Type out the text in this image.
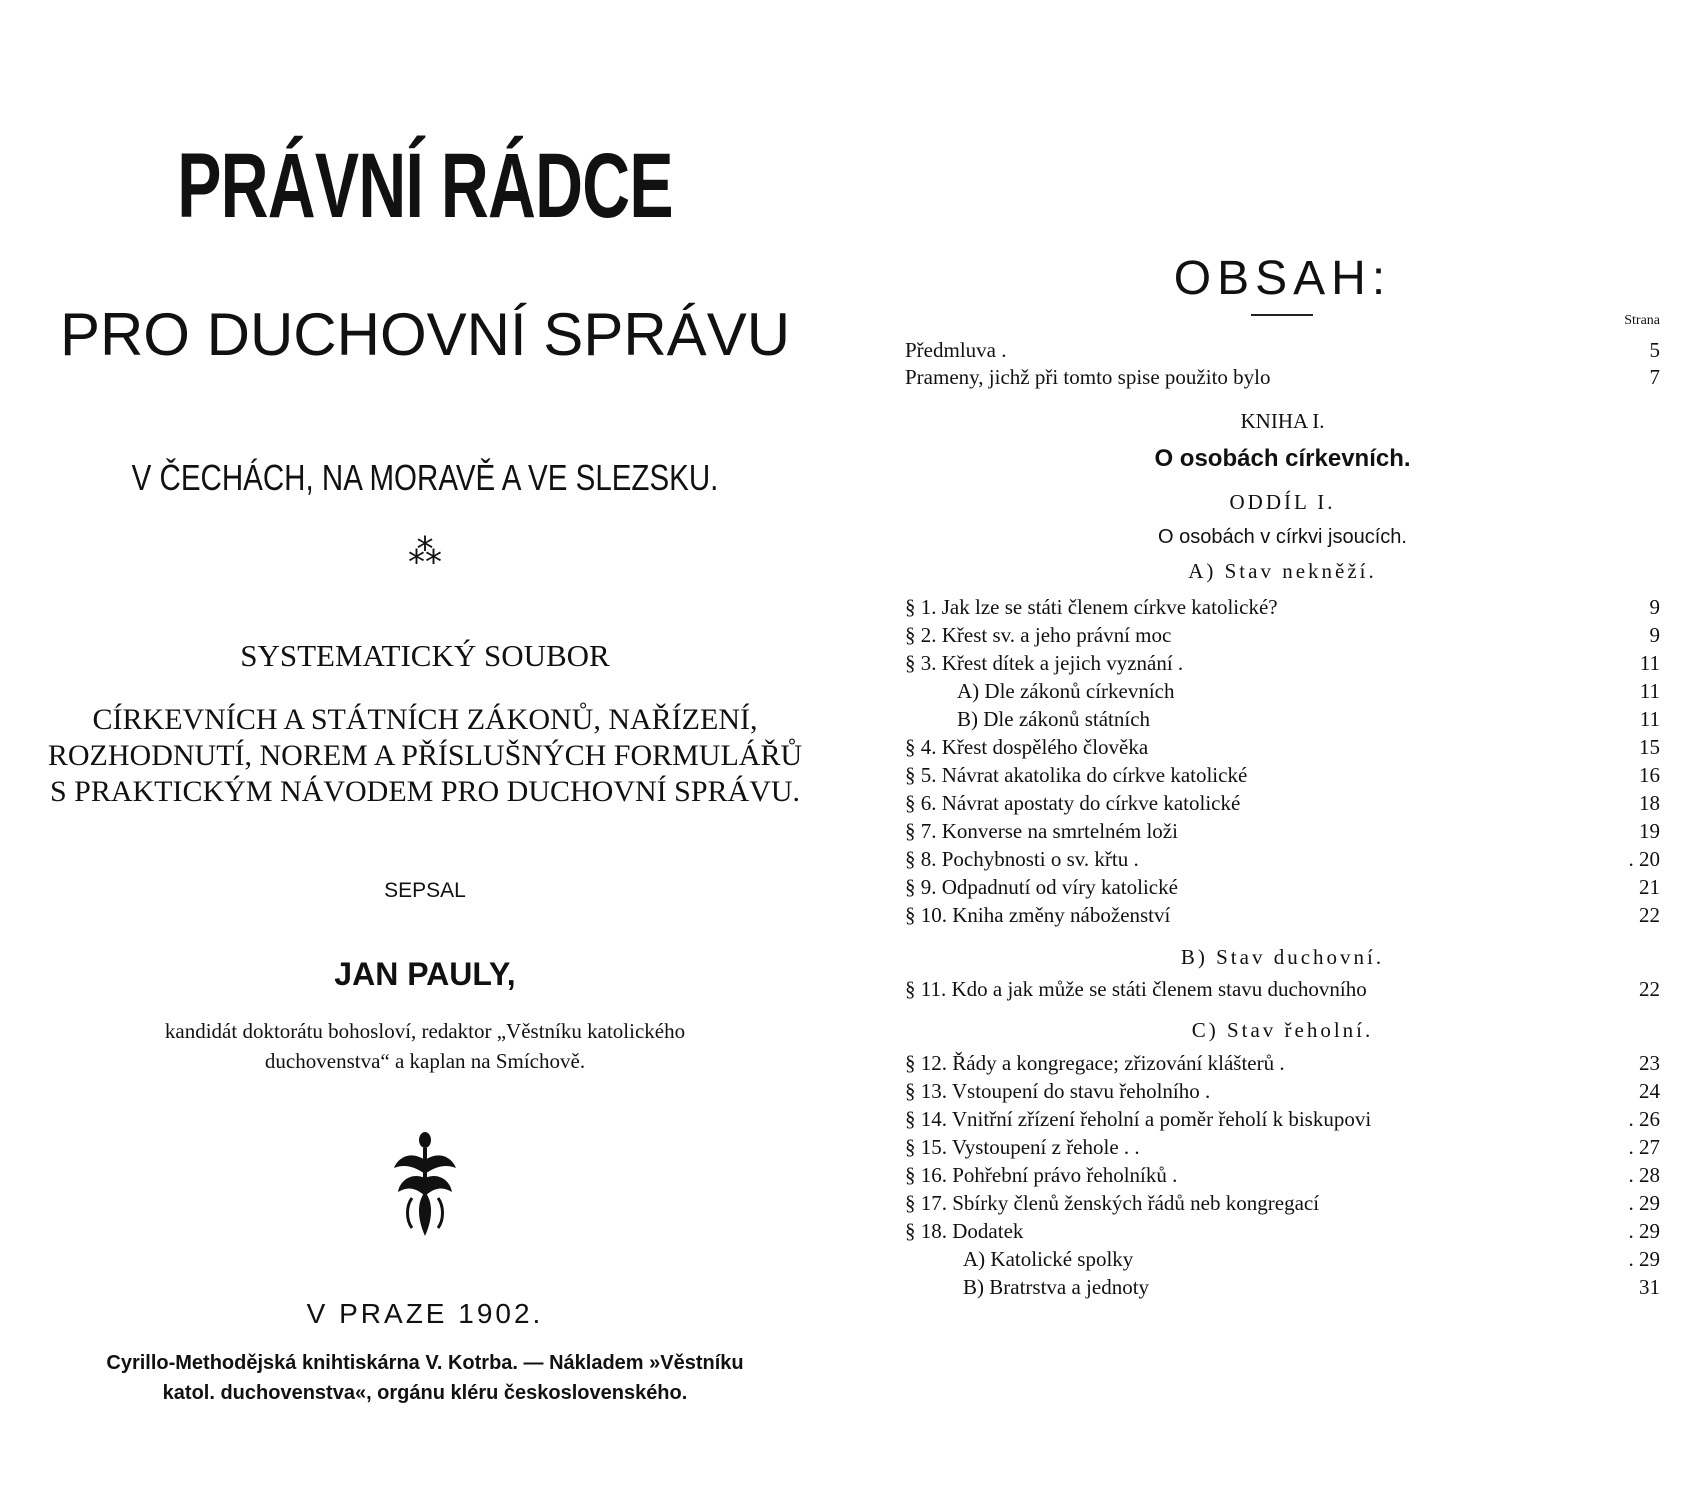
PRÁVNÍ RÁDCE
PRO DUCHOVNÍ SPRÁVU
V ČECHÁCH, NA MORAVĚ A VE SLEZSKU.
⁂
SYSTEMATICKÝ SOUBOR
CÍRKEVNÍCH A STÁTNÍCH ZÁKONŮ, NAŘÍZENÍ,
ROZHODNUTÍ, NOREM A PŘÍSLUŠNÝCH FORMULÁŘŮ
S PRAKTICKÝM NÁVODEM PRO DUCHOVNÍ SPRÁVU.
SEPSAL
JAN PAULY,
kandidát doktorátu bohosloví, redaktor „Věstníku katolického
duchovenstva“ a kaplan na Smíchově.
V PRAZE 1902.
Cyrillo-Methodějská knihtiskárna V. Kotrba. — Nákladem »Věstníku
katol. duchovenstva«, orgánu kléru československého.
OBSAH:
Strana
Předmluva .	5
Prameny, jichž při tomto spise použito bylo	7
KNIHA I.
O osobách církevních.
ODDÍL I.
O osobách v církvi jsoucích.
A) Stav nekněží.
§ 1. Jak lze se státi členem církve katolické?	9
§ 2. Křest sv. a jeho právní moc	9
§ 3. Křest dítek a jejich vyznání .	11
A) Dle zákonů církevních	11
B) Dle zákonů státních	11
§ 4. Křest dospělého člověka	15
§ 5. Návrat akatolika do církve katolické	16
§ 6. Návrat apostaty do církve katolické	18
§ 7. Konverse na smrtelném loži	19
§ 8. Pochybnosti o sv. křtu .	. 20
§ 9. Odpadnutí od víry katolické	21
§ 10. Kniha změny náboženství	22
B) Stav duchovní.
§ 11. Kdo a jak může se státi členem stavu duchovního	22
C) Stav řeholní.
§ 12. Řády a kongregace; zřizování klášterů .	23
§ 13. Vstoupení do stavu řeholního .	24
§ 14. Vnitřní zřízení řeholní a poměr řeholí k biskupovi	. 26
§ 15. Vystoupení z řehole . .	. 27
§ 16. Pohřební právo řeholníků .	. 28
§ 17. Sbírky členů ženských řádů neb kongregací	. 29
§ 18. Dodatek	. 29
A) Katolické spolky	. 29
B) Bratrstva a jednoty	31
